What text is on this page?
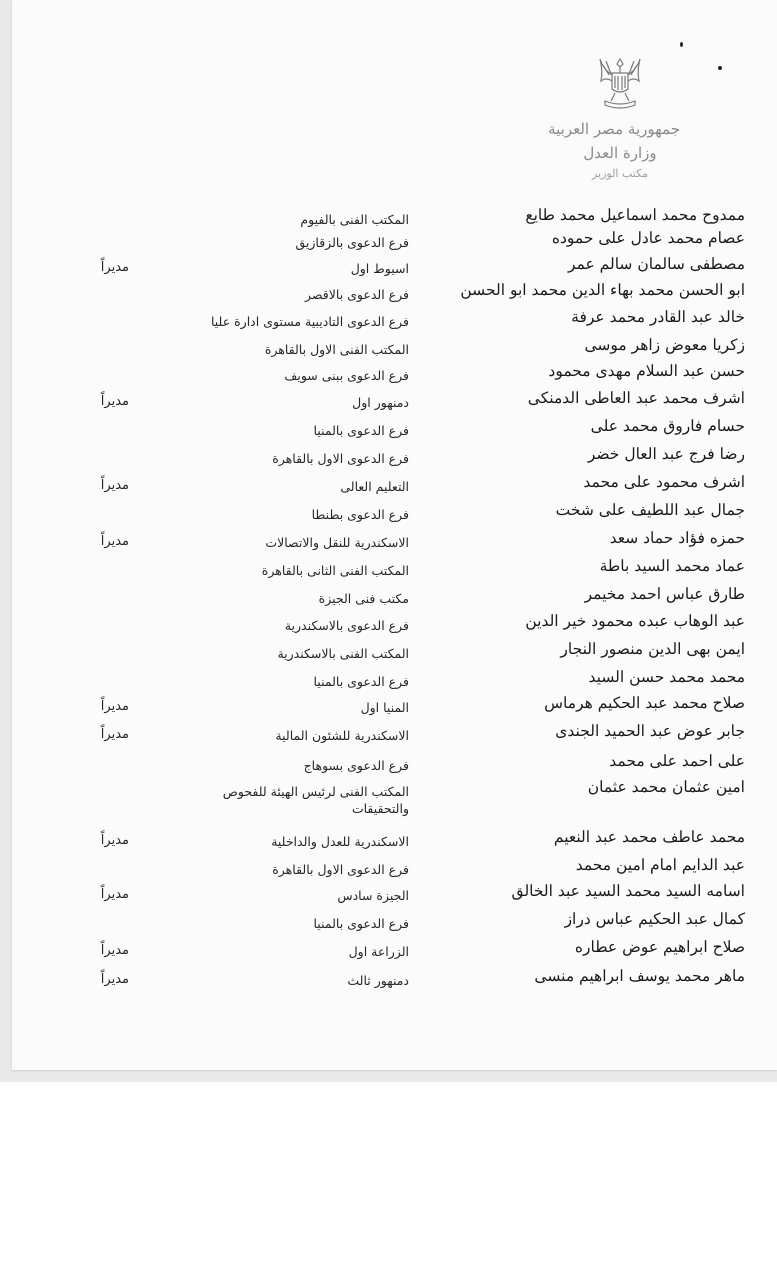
جمهورية مصر العربية
وزارة العدل
مكتب الوزير
ممدوح محمد اسماعيل محمد طايع
المكتب الفنى بالفيوم
عصام محمد عادل على حموده
فرع الدعوى بالزقازيق
مصطفى سالمان سالم عمر
اسيوط اول
مديراً
ابو الحسن محمد بهاء الدين محمد ابو الحسن
فرع الدعوى بالاقصر
خالد عبد القادر محمد عرفة
فرع الدعوى التاديبية مستوى ادارة عليا
زكريا معوض زاهر موسى
المكتب الفنى الاول بالقاهرة
حسن عبد السلام مهدى محمود
فرع الدعوى ببنى سويف
اشرف محمد عبد العاطى الدمنكى
دمنهور اول
مديراً
حسام فاروق محمد على
فرع الدعوى بالمنيا
رضا فرج عبد العال خضر
فرع الدعوى الاول بالقاهرة
اشرف محمود على محمد
التعليم العالى
مديراً
جمال عبد اللطيف على شخت
فرع الدعوى بطنطا
حمزه فؤاد حماد سعد
الاسكندرية للنقل والاتصالات
مديراً
عماد محمد السيد باطة
المكتب الفنى الثانى بالقاهرة
طارق عباس احمد مخيمر
مكتب فنى الجيزة
عبد الوهاب عبده محمود خير الدين
فرع الدعوى بالاسكندرية
ايمن بهى الدين منصور النجار
المكتب الفنى بالاسكندرية
محمد محمد حسن السيد
فرع الدعوى بالمنيا
صلاح محمد عبد الحكيم هرماس
المنيا اول
مديراً
جابر عوض عبد الحميد الجندى
الاسكندرية للشئون المالية
مديراً
على احمد على محمد
فرع الدعوى بسوهاج
امين عثمان محمد عثمان
المكتب الفنى لرئيس الهيئة للفحوص والتحقيقات
محمد عاطف محمد عبد النعيم
الاسكندرية للعدل والداخلية
مديراً
عبد الدايم امام امين محمد
فرع الدعوى الاول بالقاهرة
اسامه السيد محمد السيد عبد الخالق
الجيزة سادس
مديراً
كمال عبد الحكيم عباس دراز
فرع الدعوى بالمنيا
صلاح ابراهيم عوض عطاره
الزراعة اول
مديراً
ماهر محمد يوسف ابراهيم منسى
دمنهور ثالث
مديراً
